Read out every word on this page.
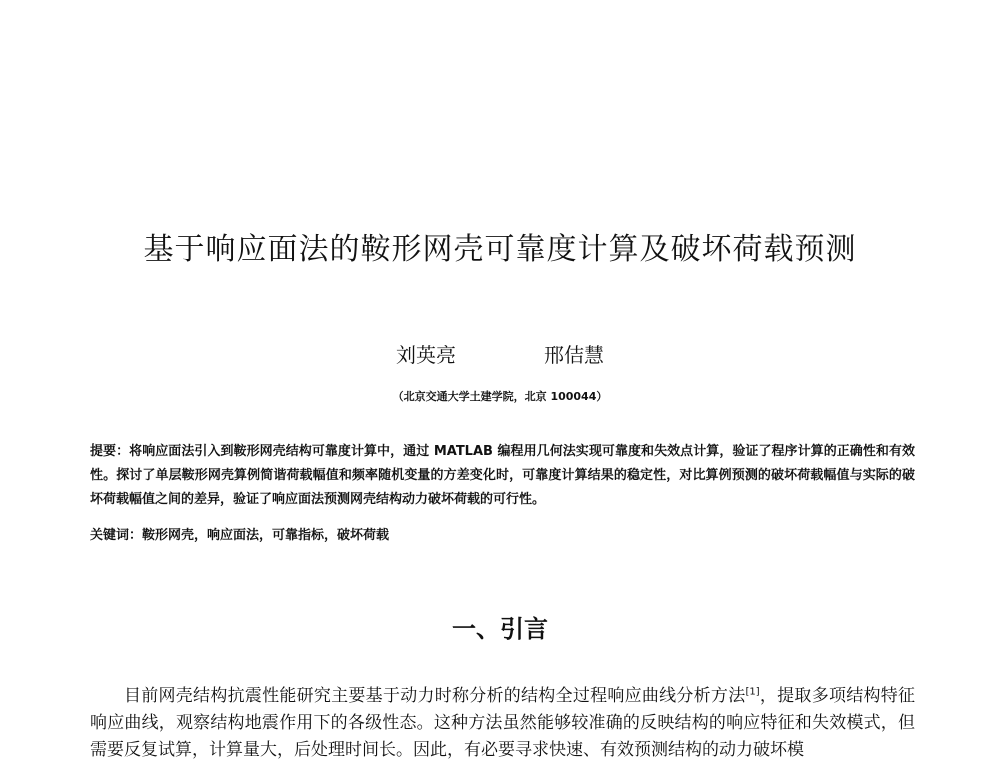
基于响应面法的鞍形网壳可靠度计算及破坏荷载预测
刘英亮	邢佶慧
（北京交通大学土建学院，北京 100044）
提要：将响应面法引入到鞍形网壳结构可靠度计算中，通过 MATLAB 编程用几何法实现可靠度和失效点计算，验证了程序计算的正确性和有效性。探讨了单层鞍形网壳算例简谐荷载幅值和频率随机变量的方差变化时，可靠度计算结果的稳定性，对比算例预测的破坏荷载幅值与实际的破坏荷载幅值之间的差异，验证了响应面法预测网壳结构动力破坏荷载的可行性。
关键词：鞍形网壳，响应面法，可靠指标，破坏荷载
一、引言
目前网壳结构抗震性能研究主要基于动力时称分析的结构全过程响应曲线分析方法[1]，提取多项结构特征响应曲线，观察结构地震作用下的各级性态。这种方法虽然能够较准确的反映结构的响应特征和失效模式，但需要反复试算，计算量大，后处理时间长。因此，有必要寻求快速、有效预测结构的动力破坏模
